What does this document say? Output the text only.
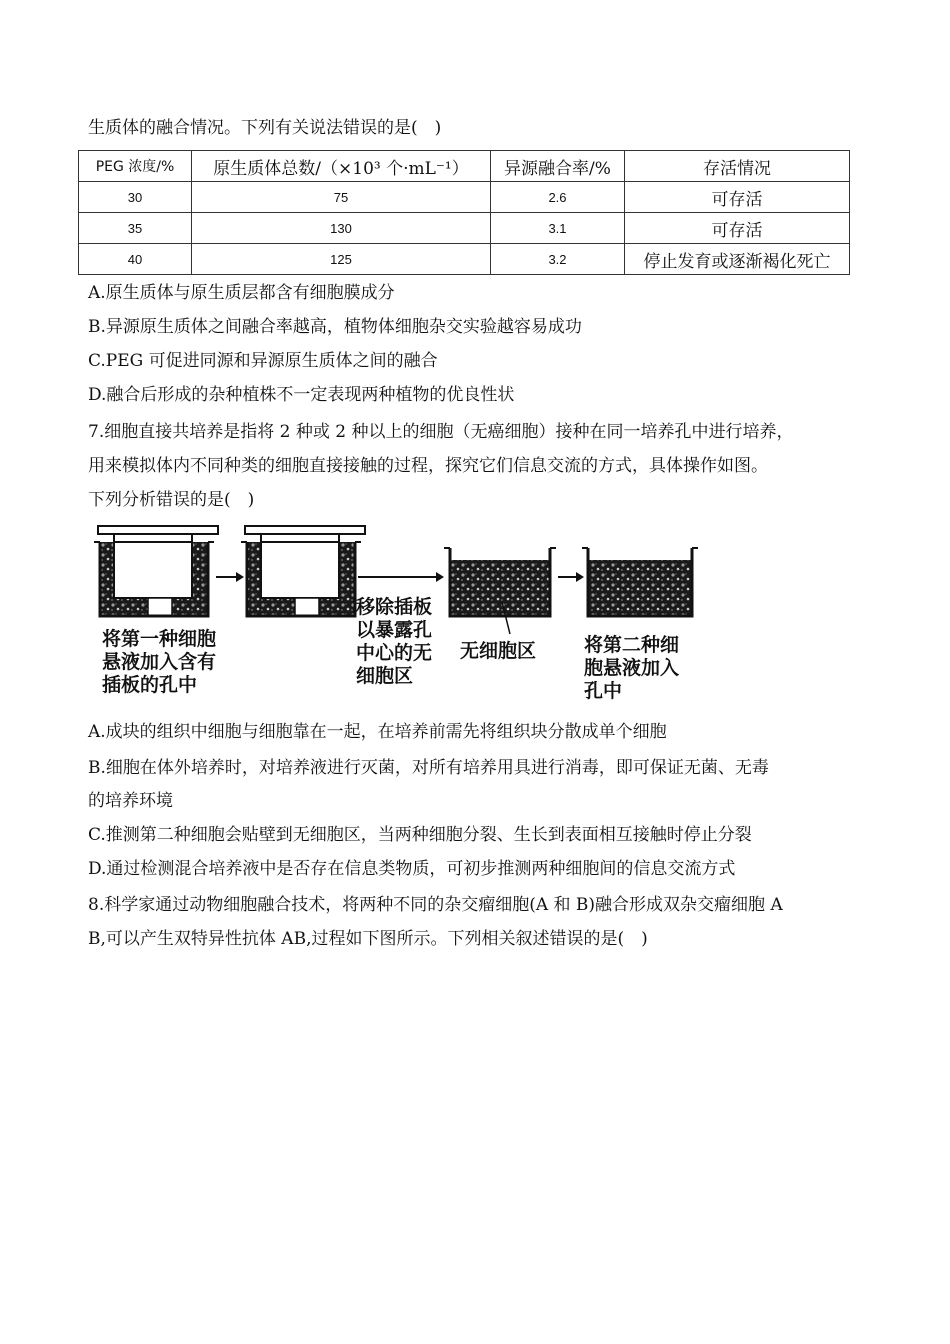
生质体的融合情况。下列有关说法错误的是(　)
PEG 浓度/%	原生质体总数/（×10³ 个·mL⁻¹）	异源融合率/%	存活情况
30	75	2.6	可存活
35	130	3.1	可存活
40	125	3.2	停止发育或逐渐褐化死亡
A.原生质体与原生质层都含有细胞膜成分
B.异源原生质体之间融合率越高，植物体细胞杂交实验越容易成功
C.PEG 可促进同源和异源原生质体之间的融合
D.融合后形成的杂种植株不一定表现两种植物的优良性状
7.细胞直接共培养是指将 2 种或 2 种以上的细胞（无癌细胞）接种在同一培养孔中进行培养，
用来模拟体内不同种类的细胞直接接触的过程，探究它们信息交流的方式，具体操作如图。
下列分析错误的是(　)
将第一种细胞
悬液加入含有
插板的孔中
移除插板
以暴露孔
中心的无
细胞区
无细胞区	将第二种细
胞悬液加入
孔中
A.成块的组织中细胞与细胞靠在一起，在培养前需先将组织块分散成单个细胞
B.细胞在体外培养时，对培养液进行灭菌，对所有培养用具进行消毒，即可保证无菌、无毒
的培养环境
C.推测第二种细胞会贴壁到无细胞区，当两种细胞分裂、生长到表面相互接触时停止分裂
D.通过检测混合培养液中是否存在信息类物质，可初步推测两种细胞间的信息交流方式
8.科学家通过动物细胞融合技术，将两种不同的杂交瘤细胞(A 和 B)融合形成双杂交瘤细胞 A
B,可以产生双特异性抗体 AB,过程如下图所示。下列相关叙述错误的是(　)
